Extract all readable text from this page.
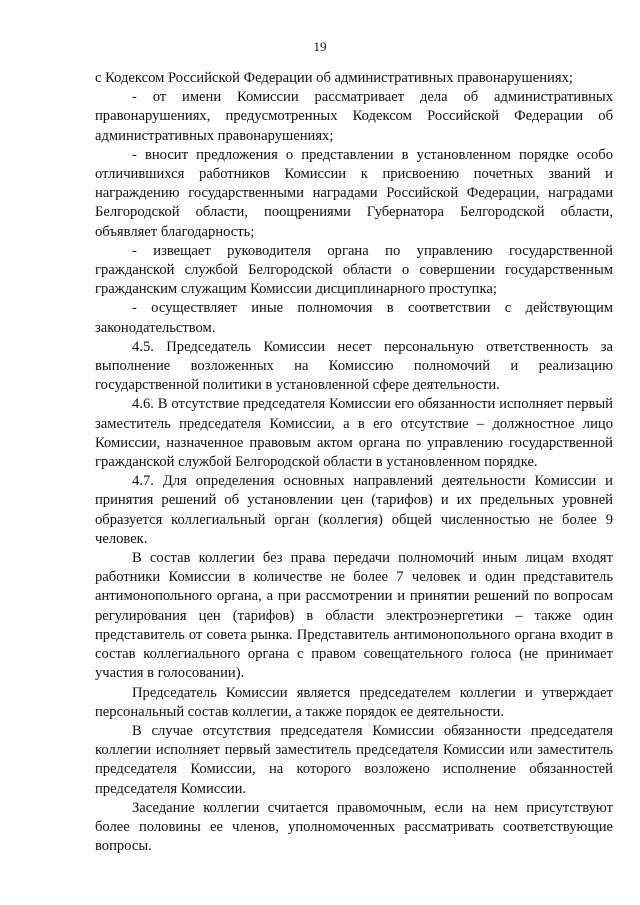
19

с Кодексом Российской Федерации об административных правонарушениях;

- от имени Комиссии рассматривает дела об административных правонарушениях, предусмотренных Кодексом Российской Федерации об административных правонарушениях;

- вносит предложения о представлении в установленном порядке особо отличившихся работников Комиссии к присвоению почетных званий и награждению государственными наградами Российской Федерации, наградами Белгородской области, поощрениями Губернатора Белгородской области, объявляет благодарность;

- извещает руководителя органа по управлению государственной гражданской службой Белгородской области о совершении государственным гражданским служащим Комиссии дисциплинарного проступка;

- осуществляет иные полномочия в соответствии с действующим законодательством.

4.5. Председатель Комиссии несет персональную ответственность за выполнение возложенных на Комиссию полномочий и реализацию государственной политики в установленной сфере деятельности.

4.6. В отсутствие председателя Комиссии его обязанности исполняет первый заместитель председателя Комиссии, а в его отсутствие – должностное лицо Комиссии, назначенное правовым актом органа по управлению государственной гражданской службой Белгородской области в установленном порядке.

4.7. Для определения основных направлений деятельности Комиссии и принятия решений об установлении цен (тарифов) и их предельных уровней образуется коллегиальный орган (коллегия) общей численностью не более 9 человек.

В состав коллегии без права передачи полномочий иным лицам входят работники Комиссии в количестве не более 7 человек и один представитель антимонопольного органа, а при рассмотрении и принятии решений по вопросам регулирования цен (тарифов) в области электроэнергетики – также один представитель от совета рынка. Представитель антимонопольного органа входит в состав коллегиального органа с правом совещательного голоса (не принимает участия в голосовании).

Председатель Комиссии является председателем коллегии и утверждает персональный состав коллегии, а также порядок ее деятельности.

В случае отсутствия председателя Комиссии обязанности председателя коллегии исполняет первый заместитель председателя Комиссии или заместитель председателя Комиссии, на которого возложено исполнение обязанностей председателя Комиссии.

Заседание коллегии считается правомочным, если на нем присутствуют более половины ее членов, уполномоченных рассматривать соответствующие вопросы.
